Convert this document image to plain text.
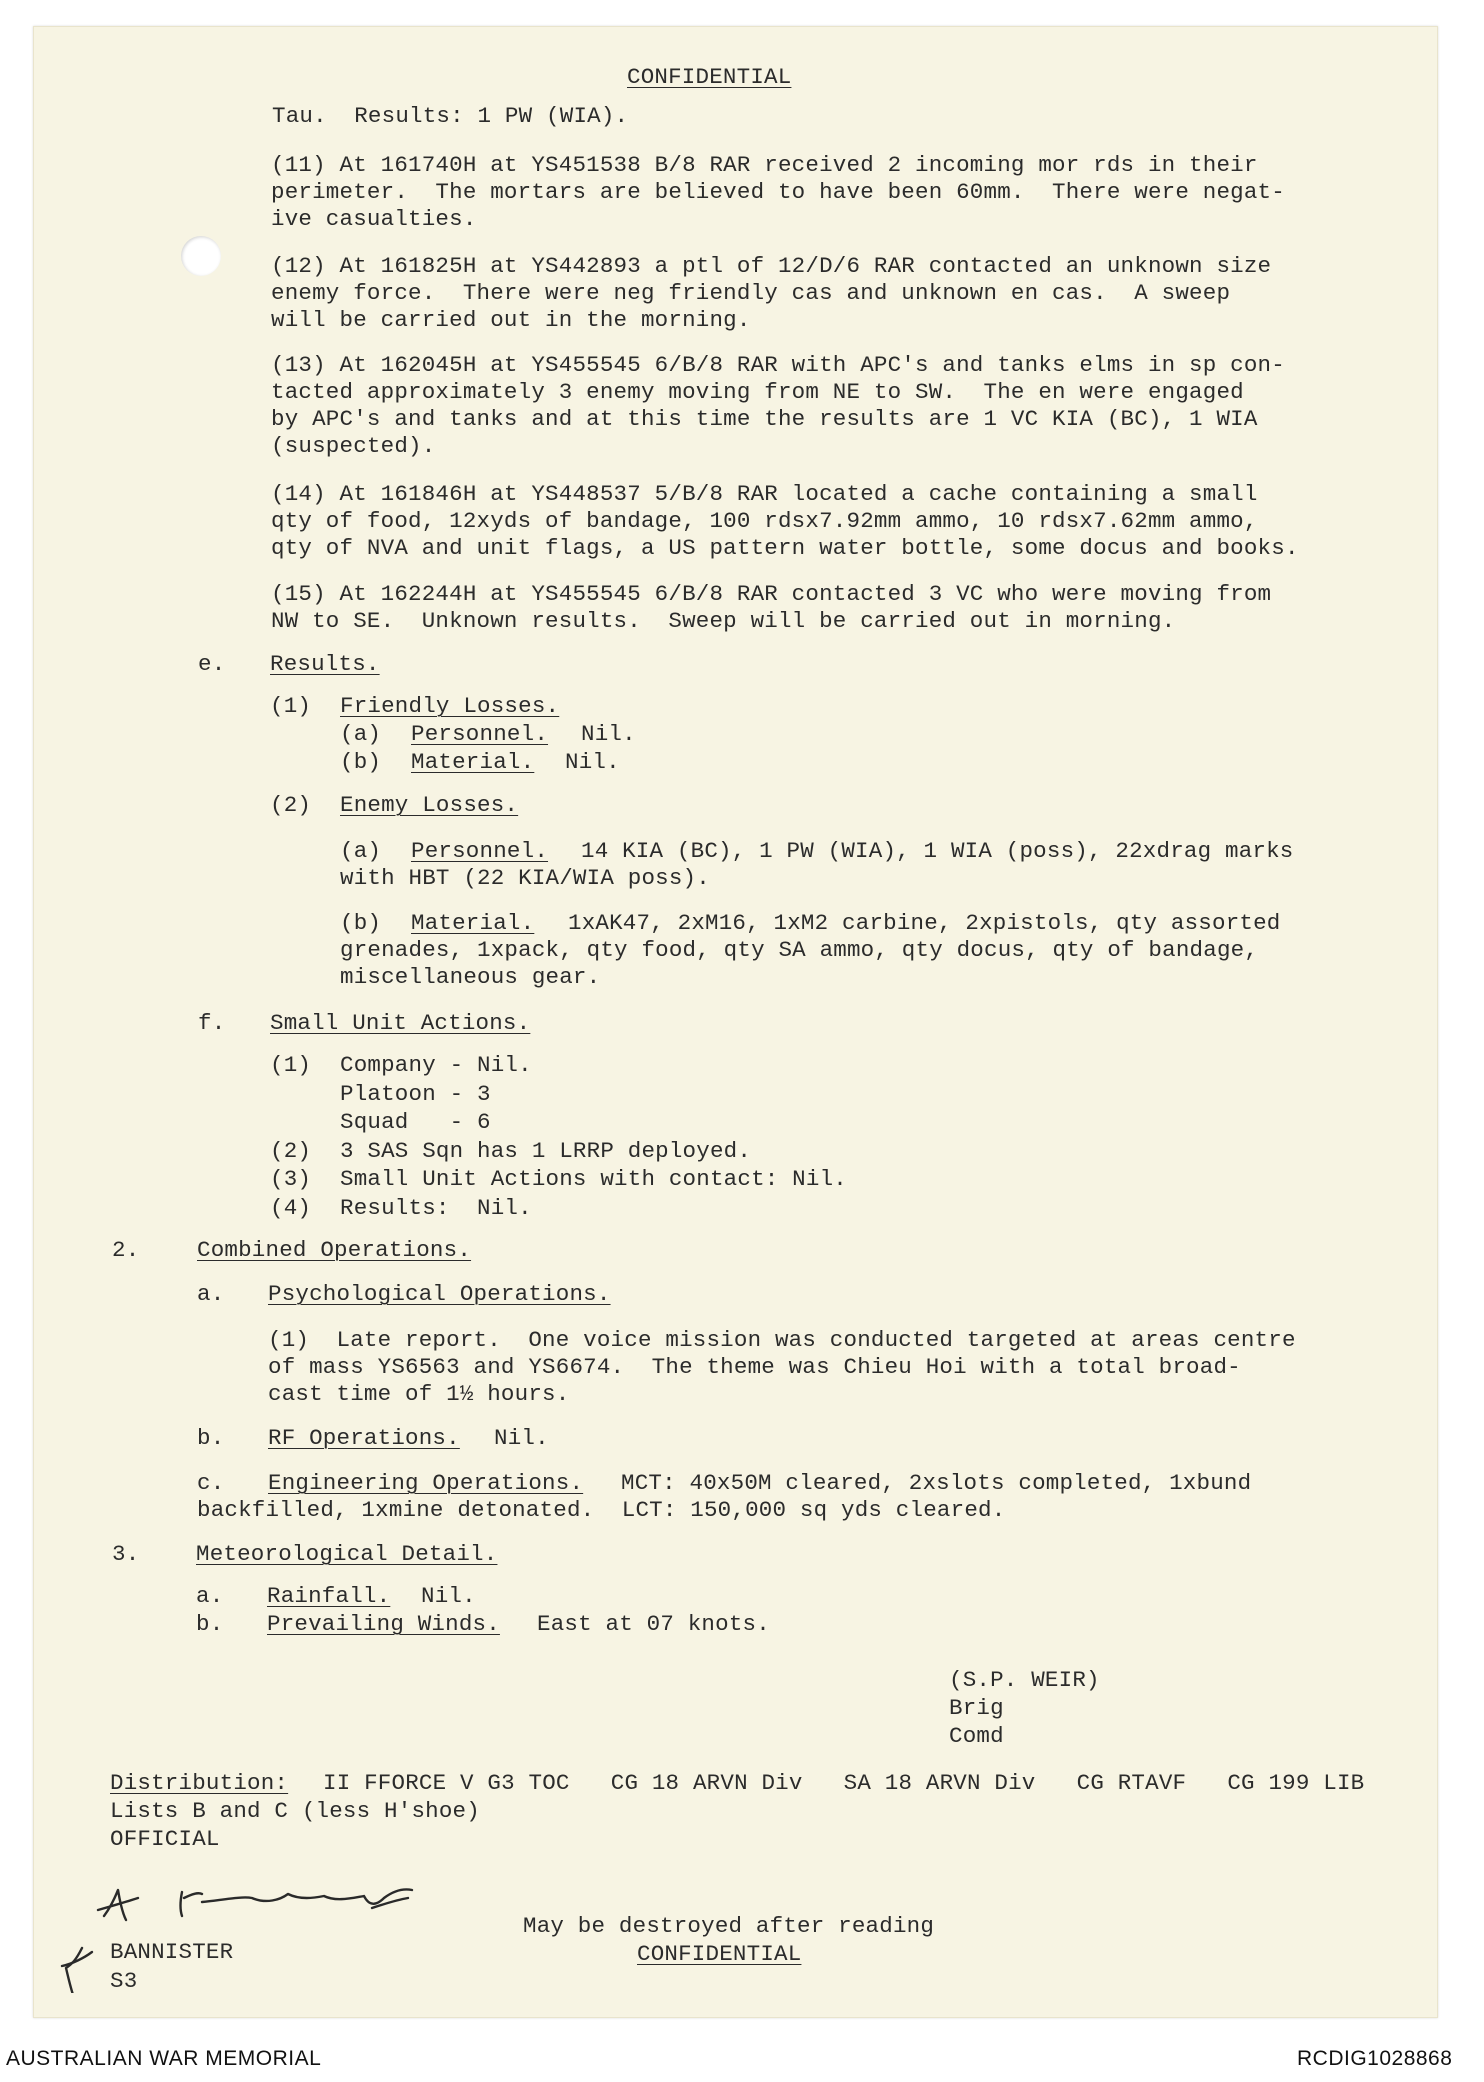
CONFIDENTIAL
Tau.  Results: 1 PW (WIA).
(11) At 161740H at YS451538 B/8 RAR received 2 incoming mor rds in their
perimeter.  The mortars are believed to have been 60mm.  There were negat-
ive casualties.
(12) At 161825H at YS442893 a ptl of 12/D/6 RAR contacted an unknown size
enemy force.  There were neg friendly cas and unknown en cas.  A sweep
will be carried out in the morning.
(13) At 162045H at YS455545 6/B/8 RAR with APC's and tanks elms in sp con-
tacted approximately 3 enemy moving from NE to SW.  The en were engaged
by APC's and tanks and at this time the results are 1 VC KIA (BC), 1 WIA
(suspected).
(14) At 161846H at YS448537 5/B/8 RAR located a cache containing a small
qty of food, 12xyds of bandage, 100 rdsx7.92mm ammo, 10 rdsx7.62mm ammo,
qty of NVA and unit flags, a US pattern water bottle, some docus and books.
(15) At 162244H at YS455545 6/B/8 RAR contacted 3 VC who were moving from
NW to SE.  Unknown results.  Sweep will be carried out in morning.
e. Results.
(1) Friendly Losses.
(a) Personnel. Nil.
(b) Material. Nil.
(2) Enemy Losses.
(a) Personnel. 14 KIA (BC), 1 PW (WIA), 1 WIA (poss), 22xdrag marks
with HBT (22 KIA/WIA poss).
(b) Material. 1xAK47, 2xM16, 1xM2 carbine, 2xpistols, qty assorted
grenades, 1xpack, qty food, qty SA ammo, qty docus, qty of bandage,
miscellaneous gear.
f. Small Unit Actions.
(1) Company - Nil.
Platoon - 3
Squad   - 6
(2) 3 SAS Sqn has 1 LRRP deployed.
(3) Small Unit Actions with contact: Nil.
(4) Results:  Nil.
2.	Combined Operations.
a. Psychological Operations.
(1)  Late report.  One voice mission was conducted targeted at areas centre
of mass YS6563 and YS6674.  The theme was Chieu Hoi with a total broad-
cast time of 1½ hours.
b. RF Operations. Nil.
c. Engineering Operations. MCT: 40x50M cleared, 2xslots completed, 1xbund
backfilled, 1xmine detonated.  LCT: 150,000 sq yds cleared.
3.	Meteorological Detail.
a. Rainfall. Nil.
b. Prevailing Winds. East at 07 knots.
(S.P. WEIR)
Brig
Comd
Distribution: II FFORCE V G3 TOC   CG 18 ARVN Div   SA 18 ARVN Div   CG RTAVF   CG 199 LIB
Lists B and C (less H'shoe)
OFFICIAL
BANNISTER
S3
May be destroyed after reading
CONFIDENTIAL
AUSTRALIAN WAR MEMORIAL	RCDIG1028868
